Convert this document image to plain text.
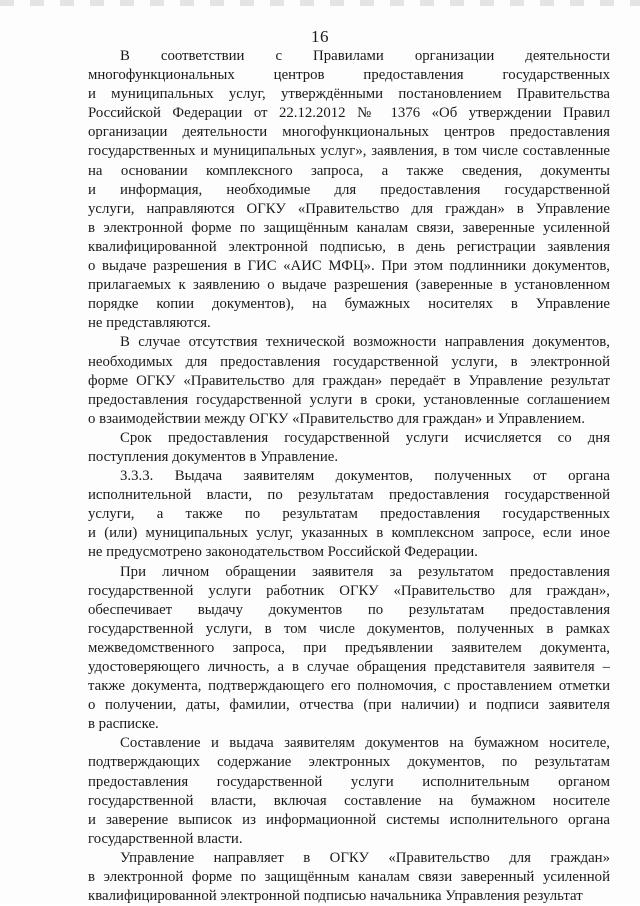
16
В соответствии с Правилами организации деятельности
многофункциональных центров предоставления государственных
и муниципальных услуг, утверждёнными постановлением Правительства
Российской Федерации от 22.12.2012 № 1376 «Об утверждении Правил
организации деятельности многофункциональных центров предоставления
государственных и муниципальных услуг», заявления, в том числе составленные
на основании комплексного запроса, а также сведения, документы
и информация, необходимые для предоставления государственной
услуги, направляются ОГКУ «Правительство для граждан» в Управление
в электронной форме по защищённым каналам связи, заверенные усиленной
квалифицированной электронной подписью, в день регистрации заявления
о выдаче разрешения в ГИС «АИС МФЦ». При этом подлинники документов,
прилагаемых к заявлению о выдаче разрешения (заверенные в установленном
порядке копии документов), на бумажных носителях в Управление
не представляются.
В случае отсутствия технической возможности направления документов,
необходимых для предоставления государственной услуги, в электронной
форме ОГКУ «Правительство для граждан» передаёт в Управление результат
предоставления государственной услуги в сроки, установленные соглашением
о взаимодействии между ОГКУ «Правительство для граждан» и Управлением.
Срок предоставления государственной услуги исчисляется со дня
поступления документов в Управление.
3.3.3. Выдача заявителям документов, полученных от органа
исполнительной власти, по результатам предоставления государственной
услуги, а также по результатам предоставления государственных
и (или) муниципальных услуг, указанных в комплексном запросе, если иное
не предусмотрено законодательством Российской Федерации.
При личном обращении заявителя за результатом предоставления
государственной услуги работник ОГКУ «Правительство для граждан»,
обеспечивает выдачу документов по результатам предоставления
государственной услуги, в том числе документов, полученных в рамках
межведомственного запроса, при предъявлении заявителем документа,
удостоверяющего личность, а в случае обращения представителя заявителя –
также документа, подтверждающего его полномочия, с проставлением отметки
о получении, даты, фамилии, отчества (при наличии) и подписи заявителя
в расписке.
Составление и выдача заявителям документов на бумажном носителе,
подтверждающих содержание электронных документов, по результатам
предоставления государственной услуги исполнительным органом
государственной власти, включая составление на бумажном носителе
и заверение выписок из информационной системы исполнительного органа
государственной власти.
Управление направляет в ОГКУ «Правительство для граждан»
в электронной форме по защищённым каналам связи заверенный усиленной
квалифицированной электронной подписью начальника Управления результат
